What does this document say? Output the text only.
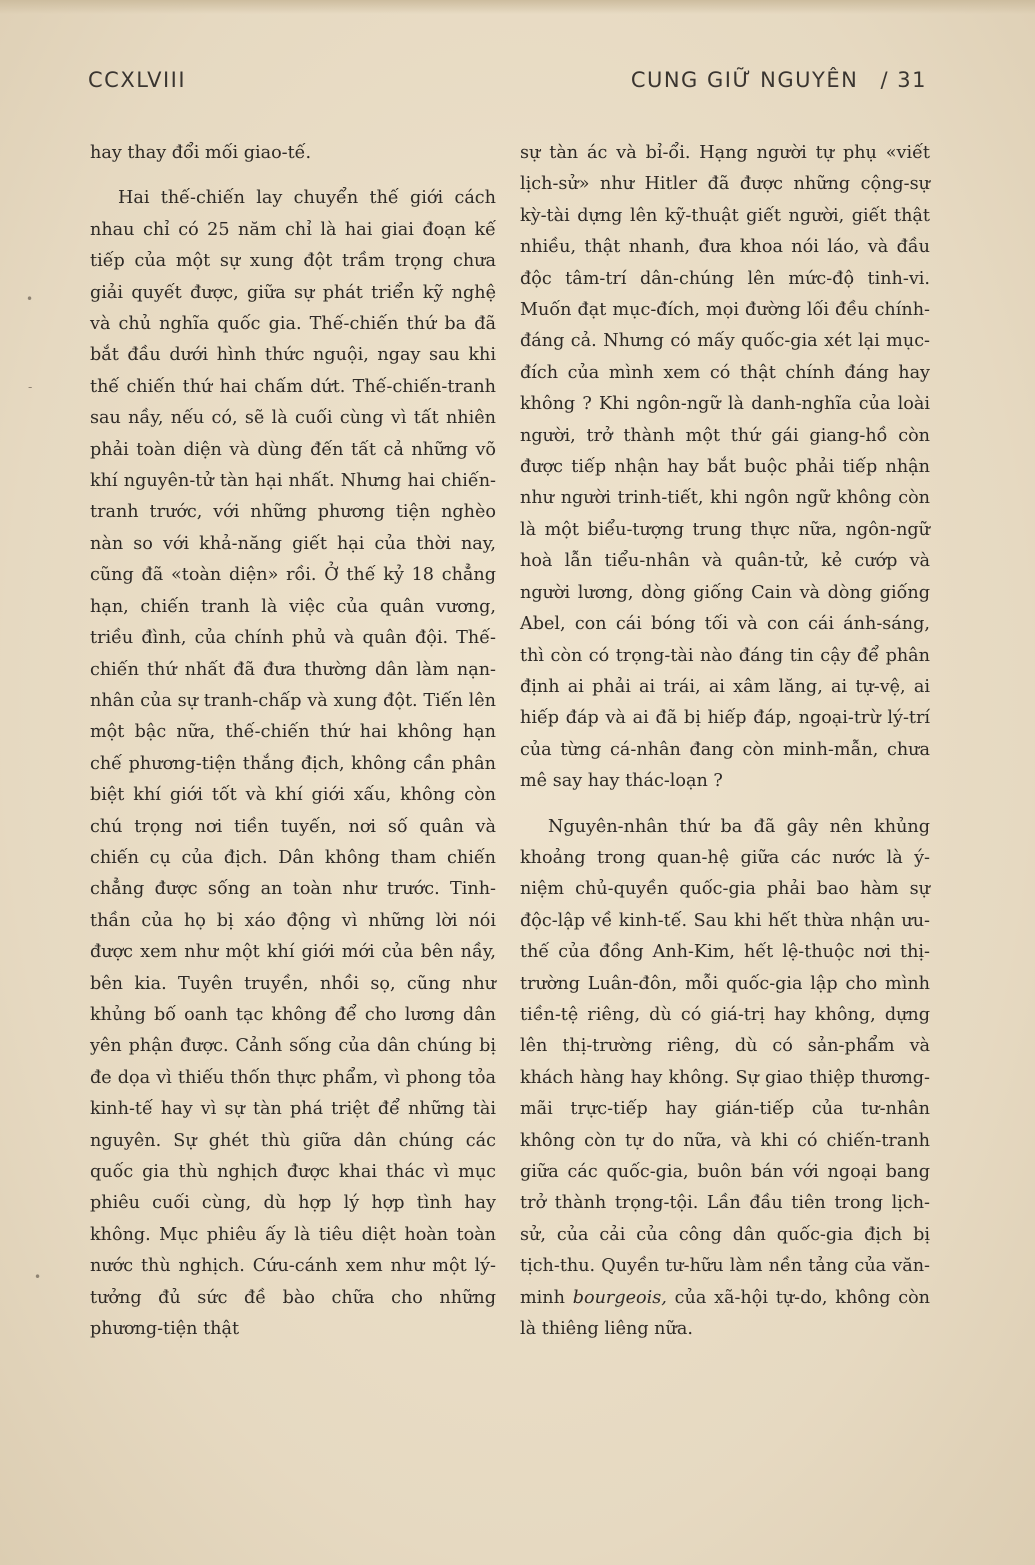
CCXLVIII	CUNG GIỮ NGUYÊN / 31

hay thay đổi mối giao-tế.

Hai thế-chiến lay chuyển thế giới cách nhau chỉ có 25 năm chỉ là hai giai đoạn kế tiếp của một sự xung đột trầm trọng chưa giải quyết được, giữa sự phát triển kỹ nghệ và chủ nghĩa quốc gia. Thế-chiến thứ ba đã bắt đầu dưới hình thức nguội, ngay sau khi thế chiến thứ hai chấm dứt. Thế-chiến-tranh sau nầy, nếu có, sẽ là cuối cùng vì tất nhiên phải toàn diện và dùng đến tất cả những võ khí nguyên-tử tàn hại nhất. Nhưng hai chiến-tranh trước, với những phương tiện nghèo nàn so với khả-năng giết hại của thời nay, cũng đã «toàn diện» rồi. Ở thế kỷ 18 chẳng hạn, chiến tranh là việc của quân vương, triều đình, của chính phủ và quân đội. Thế-chiến thứ nhất đã đưa thường dân làm nạn-nhân của sự tranh-chấp và xung đột. Tiến lên một bậc nữa, thế-chiến thứ hai không hạn chế phương-tiện thắng địch, không cần phân biệt khí giới tốt và khí giới xấu, không còn chú trọng nơi tiền tuyến, nơi số quân và chiến cụ của địch. Dân không tham chiến chẳng được sống an toàn như trước. Tinh-thần của họ bị xáo động vì những lời nói được xem như một khí giới mới của bên nầy, bên kia. Tuyên truyền, nhồi sọ, cũng như khủng bố oanh tạc không để cho lương dân yên phận được. Cảnh sống của dân chúng bị đe dọa vì thiếu thốn thực phẩm, vì phong tỏa kinh-tế hay vì sự tàn phá triệt để những tài nguyên. Sự ghét thù giữa dân chúng các quốc gia thù nghịch được khai thác vì mục phiêu cuối cùng, dù hợp lý hợp tình hay không. Mục phiêu ấy là tiêu diệt hoàn toàn nước thù nghịch. Cứu-cánh xem như một lý-tưởng đủ sức đề bào chữa cho những phương-tiện thật

sự tàn ác và bỉ-ổi. Hạng người tự phụ «viết lịch-sử» như Hitler đã được những cộng-sự kỳ-tài dựng lên kỹ-thuật giết người, giết thật nhiều, thật nhanh, đưa khoa nói láo, và đầu độc tâm-trí dân-chúng lên mức-độ tinh-vi. Muốn đạt mục-đích, mọi đường lối đều chính-đáng cả. Nhưng có mấy quốc-gia xét lại mục-đích của mình xem có thật chính đáng hay không ? Khi ngôn-ngữ là danh-nghĩa của loài người, trở thành một thứ gái giang-hồ còn được tiếp nhận hay bắt buộc phải tiếp nhận như người trinh-tiết, khi ngôn ngữ không còn là một biểu-tượng trung thực nữa, ngôn-ngữ hoà lẫn tiểu-nhân và quân-tử, kẻ cướp và người lương, dòng giống Cain và dòng giống Abel, con cái bóng tối và con cái ánh-sáng, thì còn có trọng-tài nào đáng tin cậy để phân định ai phải ai trái, ai xâm lăng, ai tự-vệ, ai hiếp đáp và ai đã bị hiếp đáp, ngoại-trừ lý-trí của từng cá-nhân đang còn minh-mẫn, chưa mê say hay thác-loạn ?

Nguyên-nhân thứ ba đã gây nên khủng khoảng trong quan-hệ giữa các nước là ý-niệm chủ-quyền quốc-gia phải bao hàm sự độc-lập về kinh-tế. Sau khi hết thừa nhận ưu-thế của đồng Anh-Kim, hết lệ-thuộc nơi thị-trường Luân-đôn, mỗi quốc-gia lập cho mình tiền-tệ riêng, dù có giá-trị hay không, dựng lên thị-trường riêng, dù có sản-phẩm và khách hàng hay không. Sự giao thiệp thương-mãi trực-tiếp hay gián-tiếp của tư-nhân không còn tự do nữa, và khi có chiến-tranh giữa các quốc-gia, buôn bán với ngoại bang trở thành trọng-tội. Lần đầu tiên trong lịch-sử, của cải của công dân quốc-gia địch bị tịch-thu. Quyền tư-hữu làm nền tảng của văn-minh bourgeois, của xã-hội tự-do, không còn là thiêng liêng nữa.

•
-
•
